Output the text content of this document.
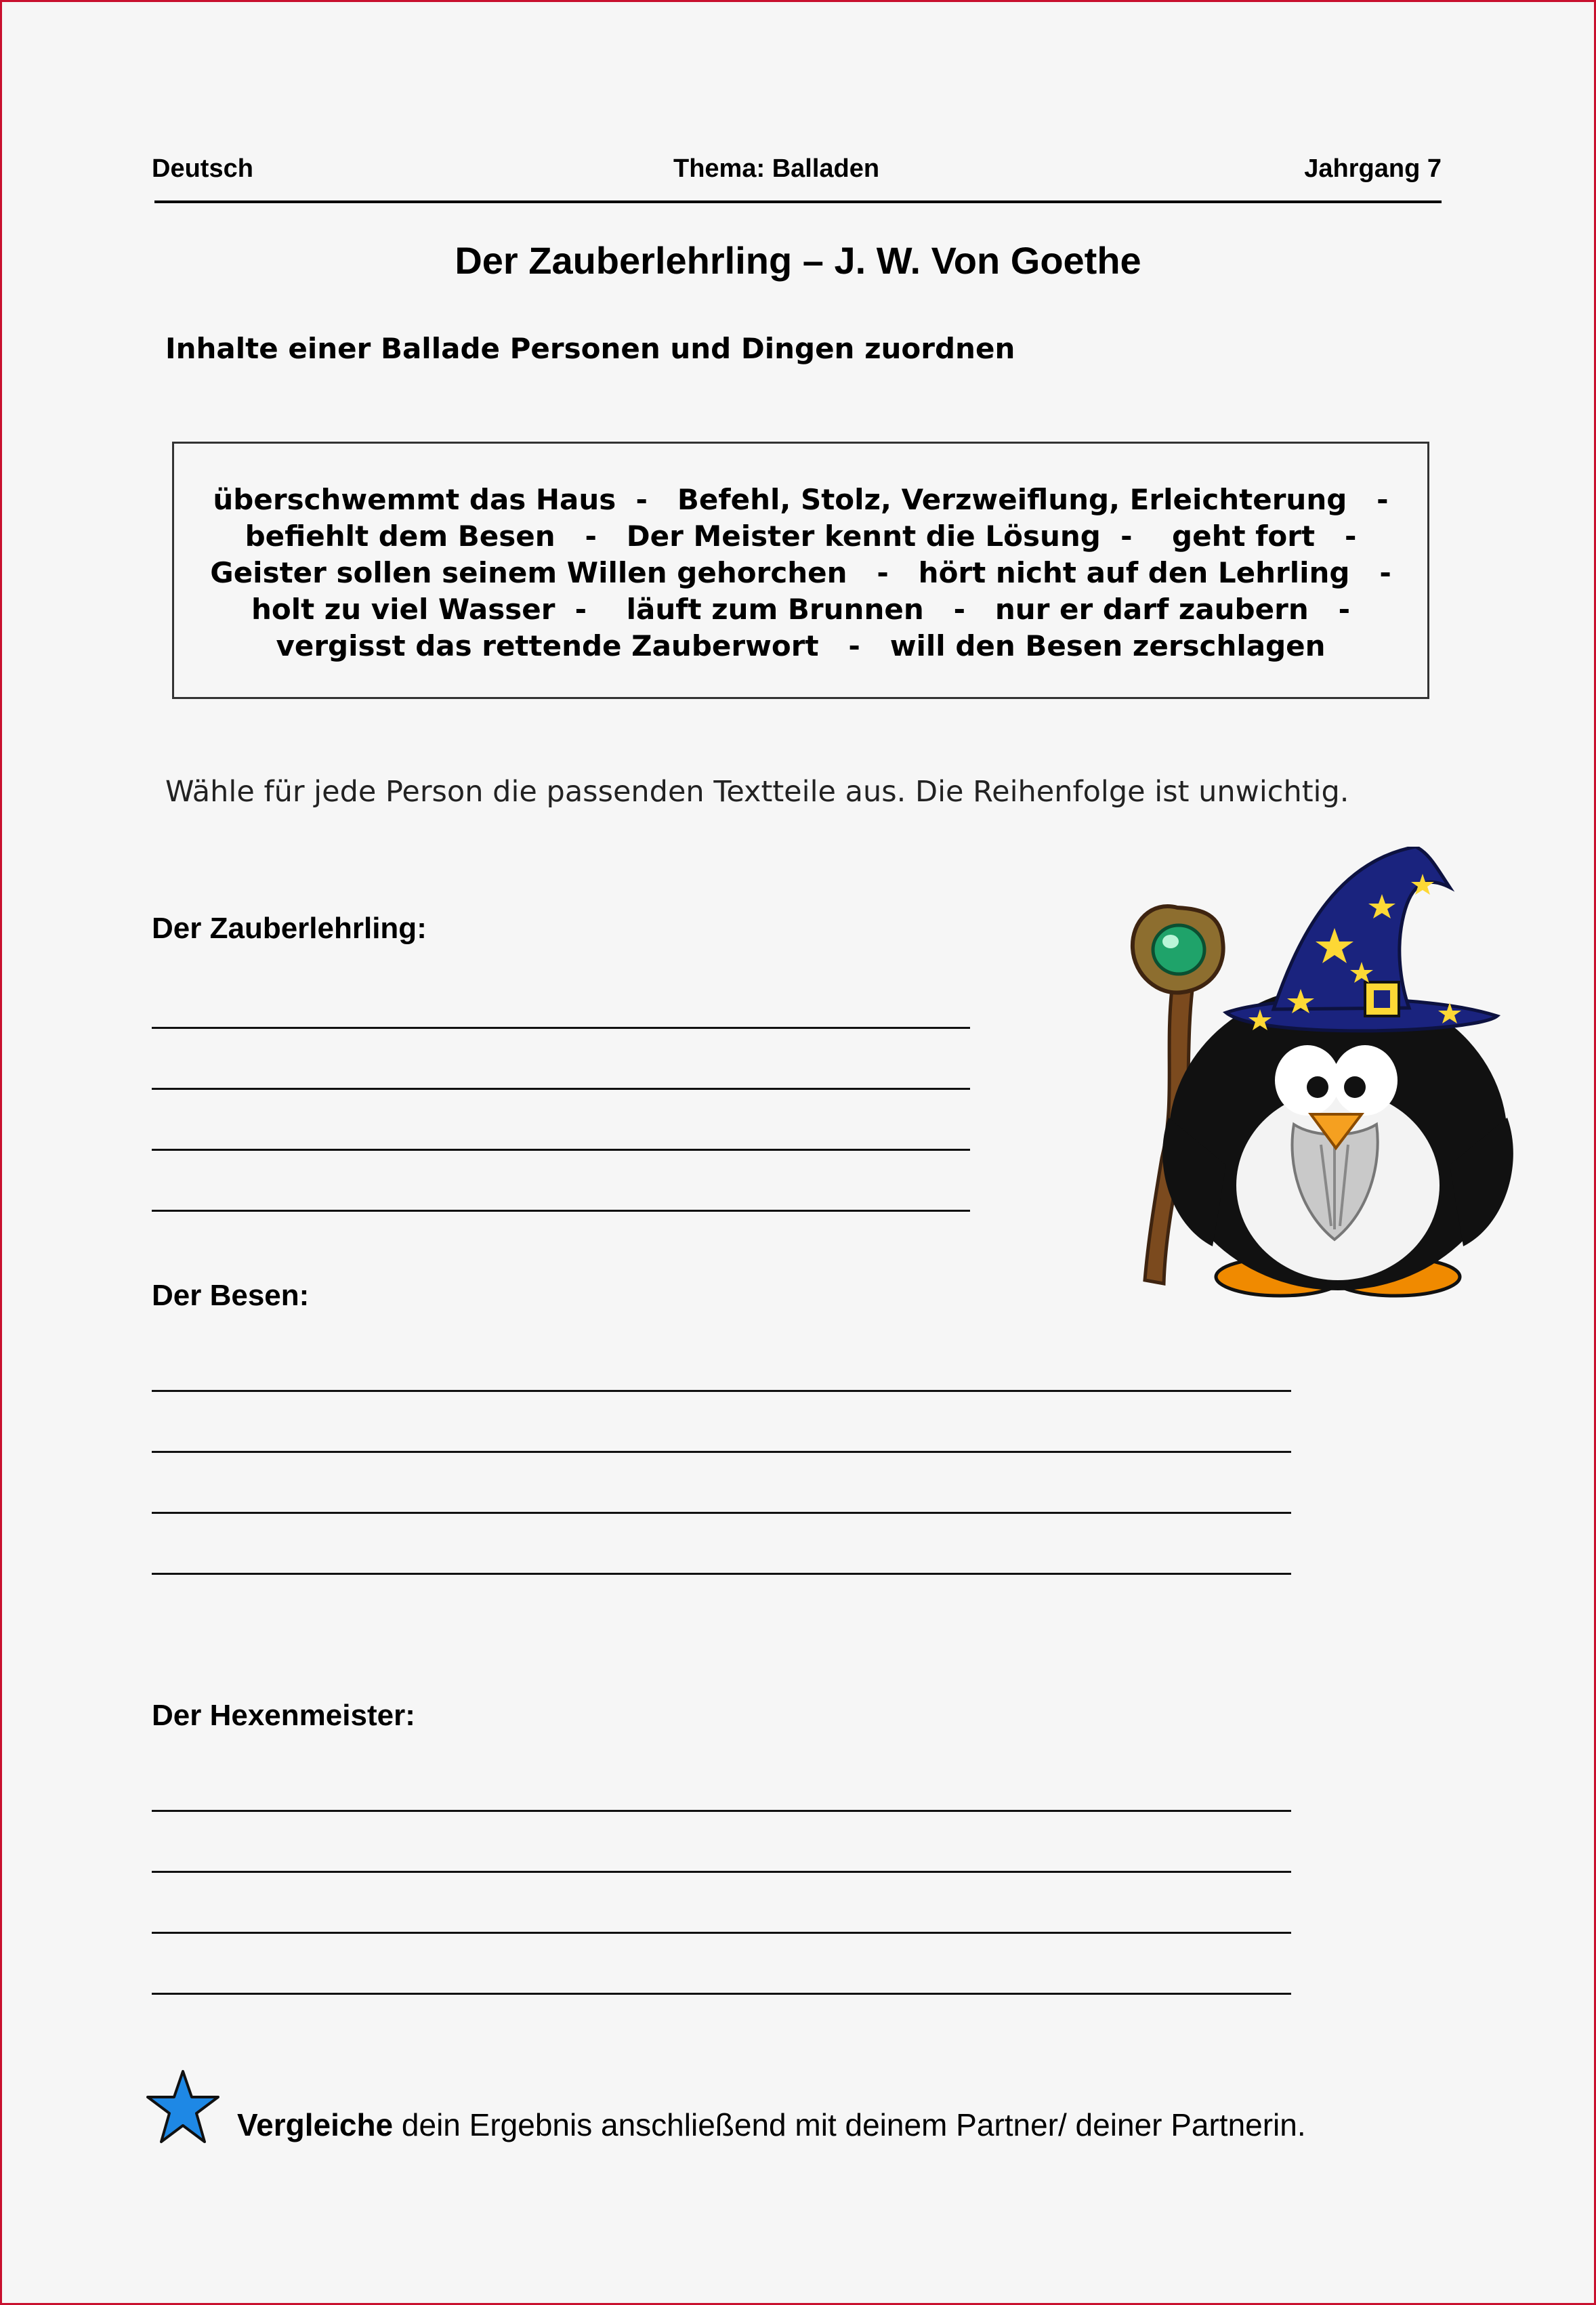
Deutsch	Thema: Balladen	Jahrgang 7
Der Zauberlehrling – J. W. Von Goethe
Inhalte einer Ballade Personen und Dingen zuordnen
überschwemmt das Haus  -   Befehl, Stolz, Verzweiflung, Erleichterung   -
befiehlt dem Besen   -   Der Meister kennt die Lösung  -    geht fort   -
Geister sollen seinem Willen gehorchen   -   hört nicht auf den Lehrling   -
holt zu viel Wasser  -    läuft zum Brunnen   -   nur er darf zaubern   -
vergisst das rettende Zauberwort   -   will den Besen zerschlagen
Wähle für jede Person die passenden Textteile aus. Die Reihenfolge ist unwichtig.
Der Zauberlehrling:
Der Besen:
Der Hexenmeister:
Vergleiche dein Ergebnis anschließend mit deinem Partner/ deiner Partnerin.
